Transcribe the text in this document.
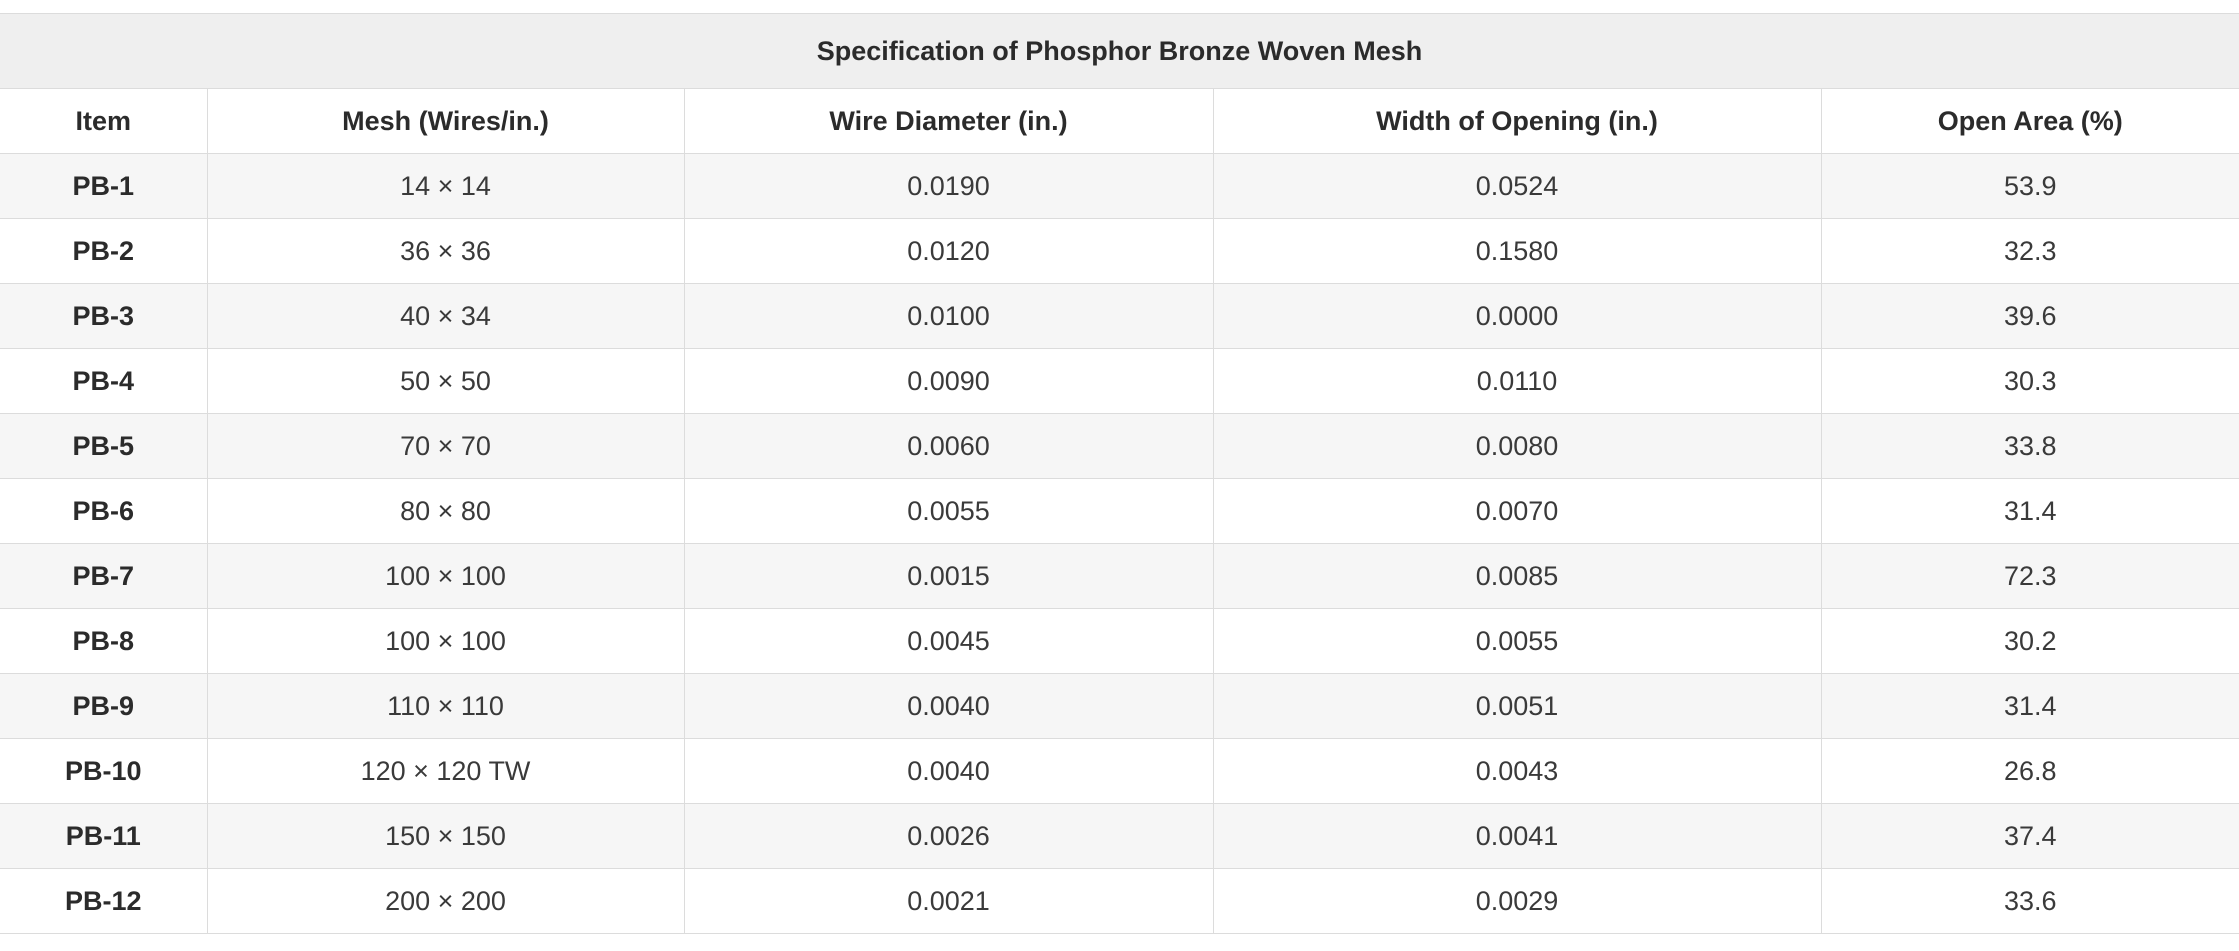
Specification of Phosphor Bronze Woven Mesh				
Item	Mesh (Wires/in.)	Wire Diameter (in.)	Width of Opening (in.)	Open Area (%)
PB-1	14 × 14	0.0190	0.0524	53.9
PB-2	36 × 36	0.0120	0.1580	32.3
PB-3	40 × 34	0.0100	0.0000	39.6
PB-4	50 × 50	0.0090	0.0110	30.3
PB-5	70 × 70	0.0060	0.0080	33.8
PB-6	80 × 80	0.0055	0.0070	31.4
PB-7	100 × 100	0.0015	0.0085	72.3
PB-8	100 × 100	0.0045	0.0055	30.2
PB-9	110 × 110	0.0040	0.0051	31.4
PB-10	120 × 120 TW	0.0040	0.0043	26.8
PB-11	150 × 150	0.0026	0.0041	37.4
PB-12	200 × 200	0.0021	0.0029	33.6
